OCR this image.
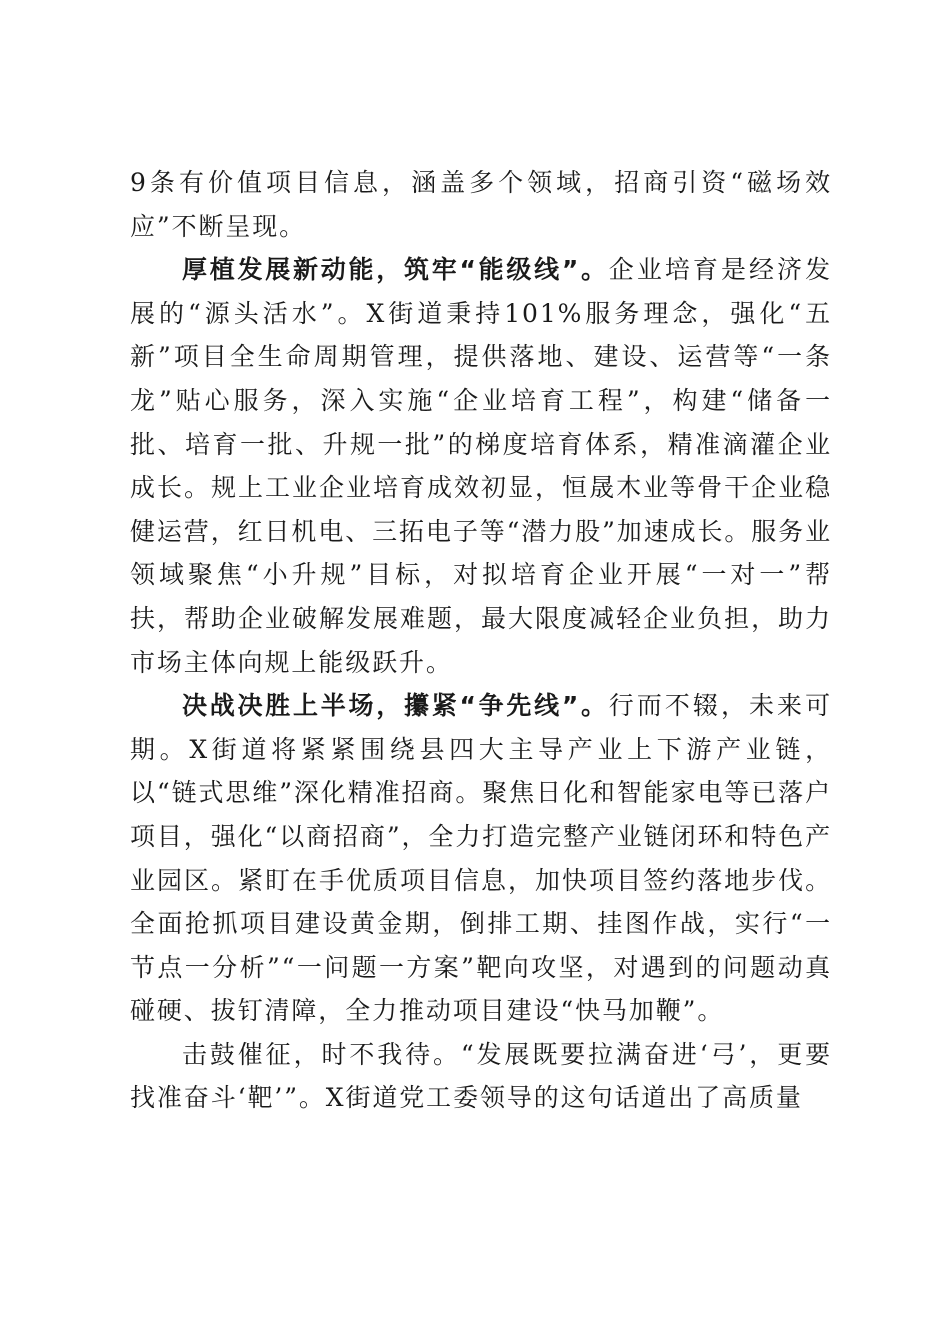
9条有价值项目信息，涵盖多个领域，招商引资“磁场效应”不断呈现。

厚植发展新动能，筑牢“能级线”。企业培育是经济发展的“源头活水”。X街道秉持101%服务理念，强化“五新”项目全生命周期管理，提供落地、建设、运营等“一条龙”贴心服务，深入实施“企业培育工程”，构建“储备一批、培育一批、升规一批”的梯度培育体系，精准滴灌企业成长。规上工业企业培育成效初显，恒晟木业等骨干企业稳健运营，红日机电、三拓电子等“潜力股”加速成长。服务业领域聚焦“小升规”目标，对拟培育企业开展“一对一”帮扶，帮助企业破解发展难题，最大限度减轻企业负担，助力市场主体向规上能级跃升。

决战决胜上半场，攥紧“争先线”。行而不辍，未来可期。X街道将紧紧围绕县四大主导产业上下游产业链，以“链式思维”深化精准招商。聚焦日化和智能家电等已落户项目，强化“以商招商”，全力打造完整产业链闭环和特色产业园区。紧盯在手优质项目信息，加快项目签约落地步伐。全面抢抓项目建设黄金期，倒排工期、挂图作战，实行“一节点一分析”“一问题一方案”靶向攻坚，对遇到的问题动真碰硬、拔钉清障，全力推动项目建设“快马加鞭”。

击鼓催征，时不我待。“发展既要拉满奋进‘弓’，更要找准奋斗‘靶’”。X街道党工委领导的这句话道出了高质量
